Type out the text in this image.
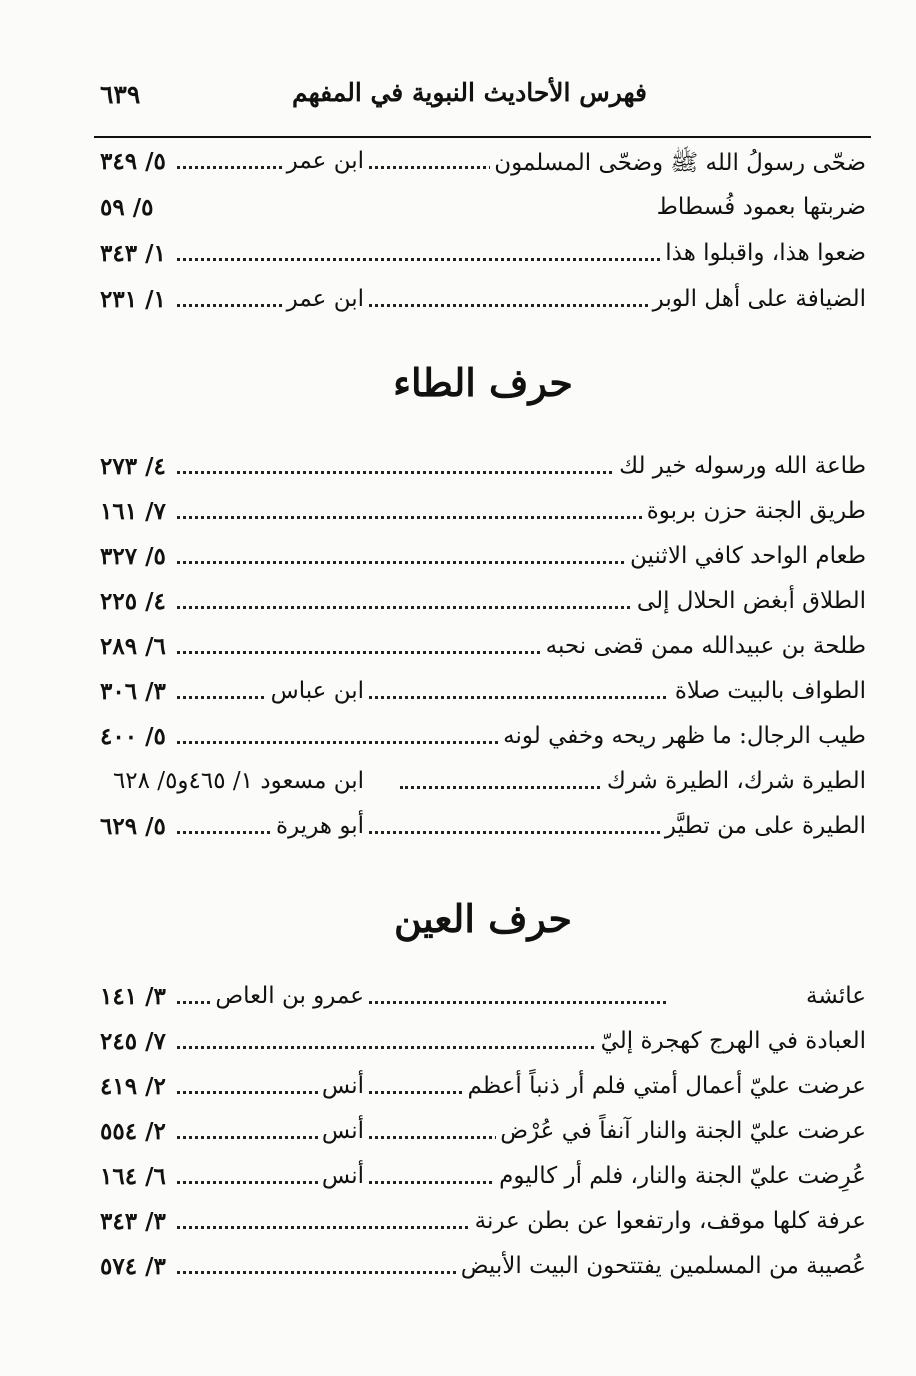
فهرس الأحاديث النبوية في المفهم
٦٣٩
ضحّى رسولُ الله ﷺ وضحّى المسلمون
ابن عمر
٥/ ٣٤٩
ضربتها بعمود فُسطاط
٥/ ٥٩
ضعوا هذا، واقبلوا هذا
١/ ٣٤٣
الضيافة على أهل الوبر
ابن عمر
١/ ٢٣١
حرف الطاء
طاعة الله ورسوله خير لك
٤/ ٢٧٣
طريق الجنة حزن بربوة
٧/ ١٦١
طعام الواحد كافي الاثنين
٥/ ٣٢٧
الطلاق أبغض الحلال إلى
٤/ ٢٢٥
طلحة بن عبيدالله ممن قضى نحبه
٦/ ٢٨٩
الطواف بالبيت صلاة
ابن عباس
٣/ ٣٠٦
طيب الرجال: ما ظهر ريحه وخفي لونه
٥/ ٤٠٠
الطيرة شرك، الطيرة شرك
ابن مسعود ١/ ٤٦٥و٥/ ٦٢٨
الطيرة على من تطيَّر
أبو هريرة
٥/ ٦٢٩
حرف العين
عائشة
عمرو بن العاص
٣/ ١٤١
العبادة في الهرج كهجرة إليّ
٧/ ٢٤٥
عرضت عليّ أعمال أمتي فلم أر ذنباً أعظم
أنس
٢/ ٤١٩
عرضت عليّ الجنة والنار آنفاً في عُرْض
أنس
٢/ ٥٥٤
عُرِضت عليّ الجنة والنار، فلم أر كاليوم
أنس
٦/ ١٦٤
عرفة كلها موقف، وارتفعوا عن بطن عرنة
٣/ ٣٤٣
عُصيبة من المسلمين يفتتحون البيت الأبيض
٣/ ٥٧٤
